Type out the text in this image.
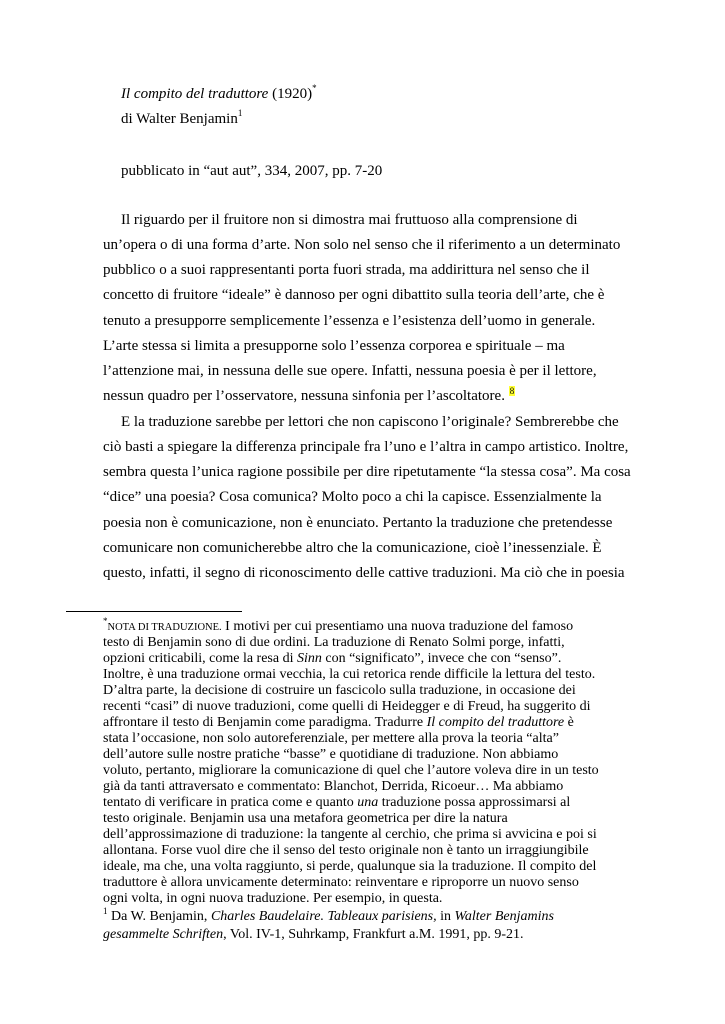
Il compito del traduttore (1920)*
di Walter Benjamin$^1$
pubblicato in “aut aut”, 334, 2007, pp. 7-20
Il riguardo per il fruitore non si dimostra mai fruttuoso alla comprensione di
un’opera o di una forma d’arte. Non solo nel senso che il riferimento a un determinato
pubblico o a suoi rappresentanti porta fuori strada, ma addirittura nel senso che il
concetto di fruitore “ideale” è dannoso per ogni dibattito sulla teoria dell’arte, che è
tenuto a presupporre semplicemente l’essenza e l’esistenza dell’uomo in generale.
L’arte stessa si limita a presupporne solo l’essenza corporea e spirituale – ma
l’attenzione mai, in nessuna delle sue opere. Infatti, nessuna poesia è per il lettore,
nessun quadro per l’osservatore, nessuna sinfonia per l’ascoltatore. $^8$
E la traduzione sarebbe per lettori che non capiscono l’originale? Sembrerebbe che
ciò basti a spiegare la differenza principale fra l’uno e l’altra in campo artistico. Inoltre,
sembra questa l’unica ragione possibile per dire ripetutamente “la stessa cosa”. Ma cosa
“dice” una poesia? Cosa comunica? Molto poco a chi la capisce. Essenzialmente la
poesia non è comunicazione, non è enunciato. Pertanto la traduzione che pretendesse
comunicare non comunicherebbe altro che la comunicazione, cioè l’inessenziale. È
questo, infatti, il segno di riconoscimento delle cattive traduzioni. Ma ciò che in poesia
*NOTA DI TRADUZIONE. I motivi per cui presentiamo una nuova traduzione del famoso
testo di Benjamin sono di due ordini. La traduzione di Renato Solmi porge, infatti,
opzioni criticabili, come la resa di Sinn con “significato”, invece che con “senso”.
Inoltre, è una traduzione ormai vecchia, la cui retorica rende difficile la lettura del testo.
D’altra parte, la decisione di costruire un fascicolo sulla traduzione, in occasione dei
recenti “casi” di nuove traduzioni, come quelli di Heidegger e di Freud, ha suggerito di
affrontare il testo di Benjamin come paradigma. Tradurre Il compito del traduttore è
stata l’occasione, non solo autoreferenziale, per mettere alla prova la teoria “alta”
dell’autore sulle nostre pratiche “basse” e quotidiane di traduzione. Non abbiamo
voluto, pertanto, migliorare la comunicazione di quel che l’autore voleva dire in un testo
già da tanti attraversato e commentato: Blanchot, Derrida, Ricoeur… Ma abbiamo
tentato di verificare in pratica come e quanto una traduzione possa approssimarsi al
testo originale. Benjamin usa una metafora geometrica per dire la natura
dell’approssimazione di traduzione: la tangente al cerchio, che prima si avvicina e poi si
allontana. Forse vuol dire che il senso del testo originale non è tanto un irraggiungibile
ideale, ma che, una volta raggiunto, si perde, qualunque sia la traduzione. Il compito del
traduttore è allora unvicamente determinato: reinventare e riproporre un nuovo senso
ogni volta, in ogni nuova traduzione. Per esempio, in questa.
$^1$ Da W. Benjamin, Charles Baudelaire. Tableaux parisiens, in Walter Benjamins
gesammelte Schriften, Vol. IV-1, Suhrkamp, Frankfurt a.M. 1991, pp. 9-21.
